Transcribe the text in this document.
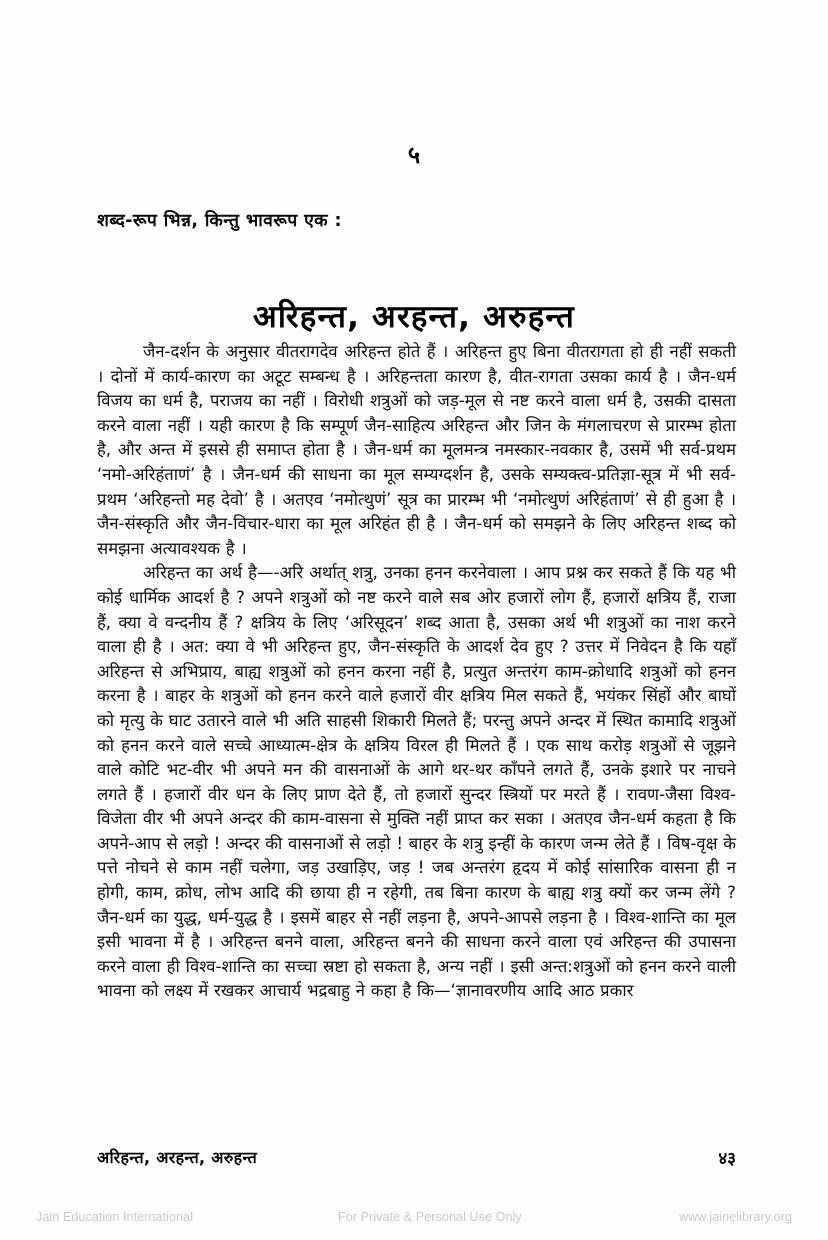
५
शब्द-रूप भिन्न, किन्तु भावरूप एक :
अरिहन्त, अरहन्त, अरुहन्त

जैन-दर्शन के अनुसार वीतरागदेव अरिहन्त होते हैं । अरिहन्त हुए बिना वीतरागता हो ही नहीं सकती । दोनों में कार्य-कारण का अटूट सम्बन्ध है । अरिहन्तता कारण है, वीत-रागता उसका कार्य है । जैन-धर्म विजय का धर्म है, पराजय का नहीं । विरोधी शत्रुओं को जड़-मूल से नष्ट करने वाला धर्म है, उसकी दासता करने वाला नहीं । यही कारण है कि सम्पूर्ण जैन-साहित्य अरिहन्त और जिन के मंगलाचरण से प्रारम्भ होता है, और अन्त में इससे ही समाप्त होता है । जैन-धर्म का मूलमन्त्र नमस्कार-नवकार है, उसमें भी सर्व-प्रथम ‘नमो-अरिहंताणं’ है । जैन-धर्म की साधना का मूल सम्यग्दर्शन है, उसके सम्यक्त्व-प्रतिज्ञा-सूत्र में भी सर्व-प्रथम ‘अरिहन्तो मह देवो’ है । अतएव ‘नमोत्थुणं’ सूत्र का प्रारम्भ भी ‘नमोत्थुणं अरिहंताणं’ से ही हुआ है । जैन-संस्कृति और जैन-विचार-धारा का मूल अरिहंत ही है । जैन-धर्म को समझने के लिए अरिहन्त शब्द को समझना अत्यावश्यक है ।

अरिहन्त का अर्थ है—-अरि अर्थात् शत्रु, उनका हनन करनेवाला । आप प्रश्न कर सकते हैं कि यह भी कोई धार्मिक आदर्श है ? अपने शत्रुओं को नष्ट करने वाले सब ओर हजारों लोग हैं, हजारों क्षत्रिय हैं, राजा हैं, क्या वे वन्दनीय हैं ? क्षत्रिय के लिए ‘अरिसूदन’ शब्द आता है, उसका अर्थ भी शत्रुओं का नाश करने वाला ही है । अत: क्या वे भी अरिहन्त हुए, जैन-संस्कृति के आदर्श देव हुए ? उत्तर में निवेदन है कि यहाँ अरिहन्त से अभिप्राय, बाह्य शत्रुओं को हनन करना नहीं है, प्रत्युत अन्तरंग काम-क्रोधादि शत्रुओं को हनन करना है । बाहर के शत्रुओं को हनन करने वाले हजारों वीर क्षत्रिय मिल सकते हैं, भयंकर सिंहों और बाघों को मृत्यु के घाट उतारने वाले भी अति साहसी शिकारी मिलते हैं; परन्तु अपने अन्दर में स्थित कामादि शत्रुओं को हनन करने वाले सच्चे आध्यात्म-क्षेत्र के क्षत्रिय विरल ही मिलते हैं । एक साथ करोड़ शत्रुओं से जूझने वाले कोटि भट-वीर भी अपने मन की वासनाओं के आगे थर-थर काँपने लगते हैं, उनके इशारे पर नाचने लगते हैं । हजारों वीर धन के लिए प्राण देते हैं, तो हजारों सुन्दर स्त्रियों पर मरते हैं । रावण-जैसा विश्व-विजेता वीर भी अपने अन्दर की काम-वासना से मुक्ति नहीं प्राप्त कर सका । अतएव जैन-धर्म कहता है कि अपने-आप से लड़ो ! अन्दर की वासनाओं से लड़ो ! बाहर के शत्रु इन्हीं के कारण जन्म लेते हैं । विष-वृक्ष के पत्ते नोचने से काम नहीं चलेगा, जड़ उखाड़िए, जड़ ! जब अन्तरंग हृदय में कोई सांसारिक वासना ही न होगी, काम, क्रोध, लोभ आदि की छाया ही न रहेगी, तब बिना कारण के बाह्य शत्रु क्यों कर जन्म लेंगे ? जैन-धर्म का युद्ध, धर्म-युद्ध है । इसमें बाहर से नहीं लड़ना है, अपने-आपसे लड़ना है । विश्व-शान्ति का मूल इसी भावना में है । अरिहन्त बनने वाला, अरिहन्त बनने की साधना करने वाला एवं अरिहन्त की उपासना करने वाला ही विश्व-शान्ति का सच्चा स्रष्टा हो सकता है, अन्य नहीं । इसी अन्त:शत्रुओं को हनन करने वाली भावना को लक्ष्य में रखकर आचार्य भद्रबाहु ने कहा है कि—‘ज्ञानावरणीय आदि आठ प्रकार

अरिहन्त, अरहन्त, अरुहन्त	४३
Jain Education International	For Private & Personal Use Only	www.jainelibrary.org
